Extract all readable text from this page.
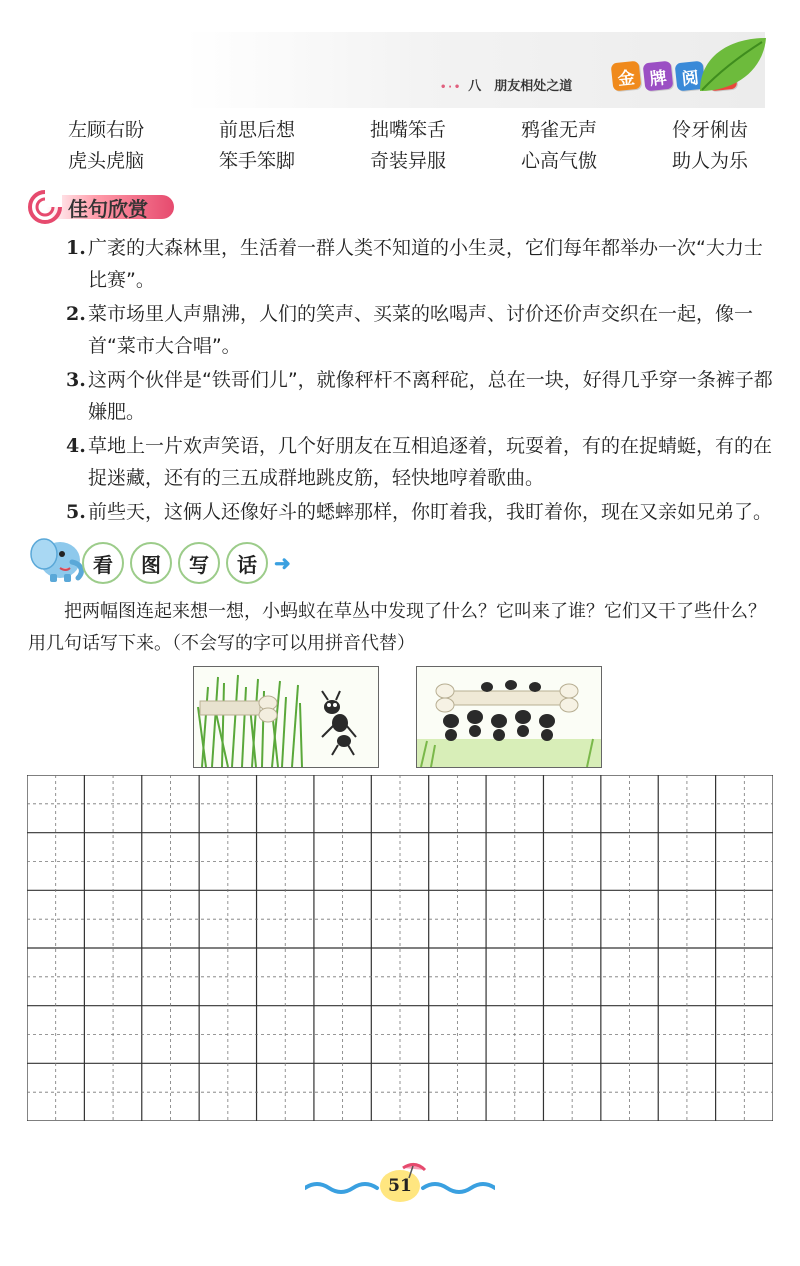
•‧• 八　朋友相处之道	金 牌 阅
左顾右盼	前思后想	拙嘴笨舌	鸦雀无声	伶牙俐齿
虎头虎脑	笨手笨脚	奇装异服	心高气傲	助人为乐
佳句欣赏
1. 广袤的大森林里，生活着一群人类不知道的小生灵，它们每年都举办一次“大力士比赛”。
2. 菜市场里人声鼎沸，人们的笑声、买菜的吆喝声、讨价还价声交织在一起，像一首“菜市大合唱”。
3. 这两个伙伴是“铁哥们儿”，就像秤杆不离秤砣，总在一块，好得几乎穿一条裤子都嫌肥。
4. 草地上一片欢声笑语，几个好朋友在互相追逐着，玩耍着，有的在捉蜻蜓，有的在捉迷藏，还有的三五成群地跳皮筋，轻快地哼着歌曲。
5. 前些天，这俩人还像好斗的蟋蟀那样，你盯着我，我盯着你，现在又亲如兄弟了。
看	图	写	话 ➜
把两幅图连起来想一想，小蚂蚁在草丛中发现了什么？它叫来了谁？它们又干了些什么？用几句话写下来。（不会写的字可以用拼音代替）
51
